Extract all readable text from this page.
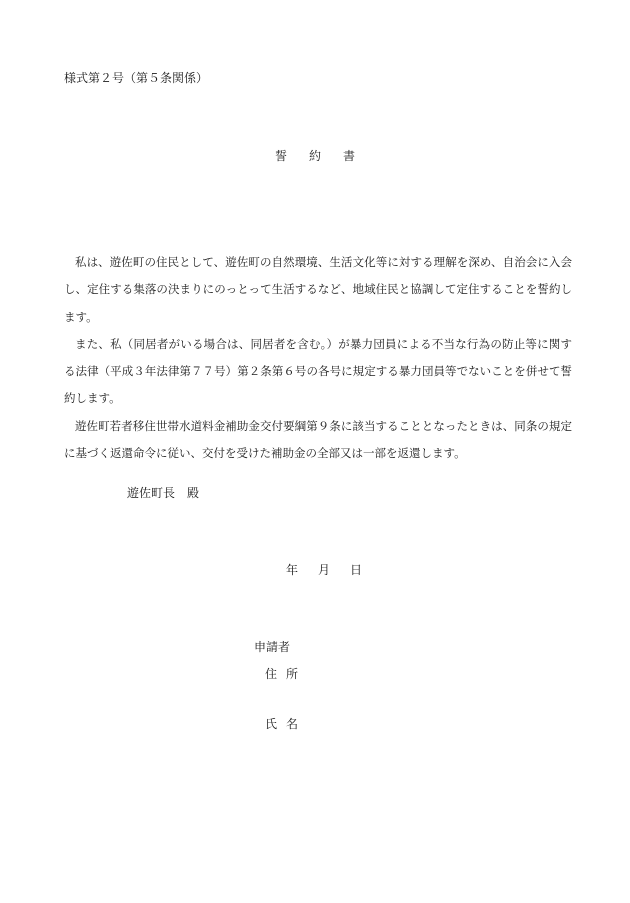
様式第２号（第５条関係）
誓 約 書

私は、遊佐町の住民として、遊佐町の自然環境、生活文化等に対する理解を深め、自治会に入会し、定住する集落の決まりにのっとって生活するなど、地域住民と協調して定住することを誓約します。

また、私（同居者がいる場合は、同居者を含む。）が暴力団員による不当な行為の防止等に関する法律（平成３年法律第７７号）第２条第６号の各号に規定する暴力団員等でないことを併せて誓約します。

遊佐町若者移住世帯水道料金補助金交付要綱第９条に該当することとなったときは、同条の規定に基づく返還命令に従い、交付を受けた補助金の全部又は一部を返還します。

遊佐町長　殿
年 月 日
申請者
住 所
氏 名
